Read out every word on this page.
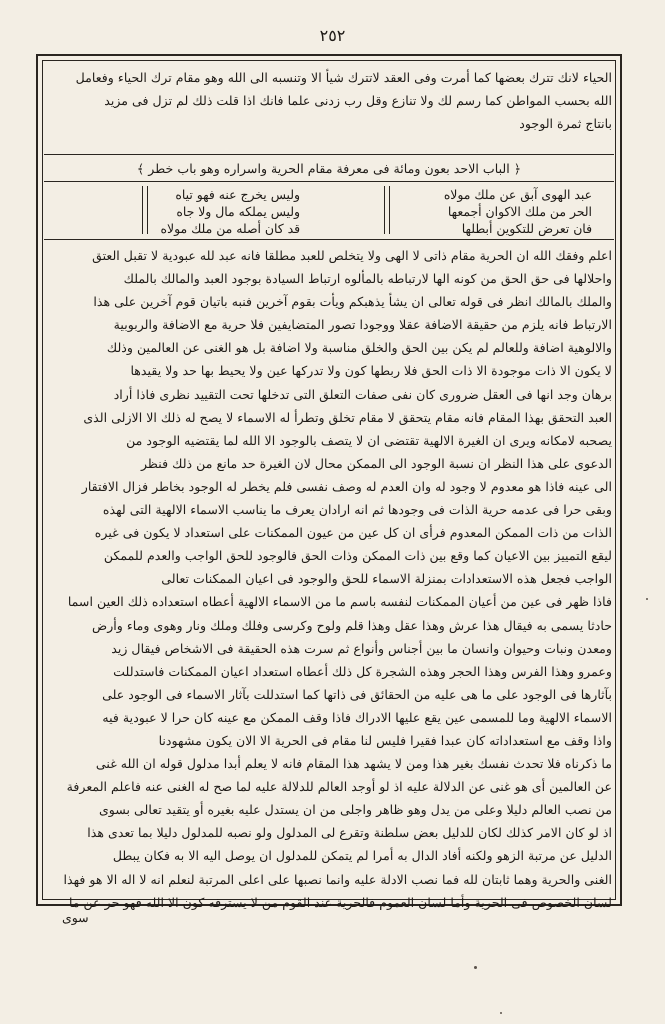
٢٥٢

الحياء لانك تترك بعضها كما أمرت وفى العقد لاتترك شيأ الا وتنسبه الى الله وهو مقام ترك الحياء وفعامل

الله بحسب المواطن كما رسم لك ولا تنازع وقل رب زدنى علما فانك اذا قلت ذلك لم تزل فى مزيد

بانتاج ثمرة الوجود

﴿ الباب الاحد بعون ومائة فى معرفة مقام الحرية واسراره وهو باب خطر ﴾
عبد الهوى آبق عن ملك مولاه
الحر من ملك الاكوان أجمعها
فان تعرض للتكوين أبطلها
وليس يخرج عنه فهو تياه
وليس يملكه مال ولا جاه
قد كان أصله من ملك مولاه

اعلم وفقك الله ان الحرية مقام ذاتى لا الهى ولا يتخلص للعبد مطلقا فانه عبد لله عبودية لا تقبل العتق

واحلالها فى حق الحق من كونه الها لارتباطه بالمألوه ارتباط السيادة بوجود العبد والمالك بالملك

والملك بالمالك انظر فى قوله تعالى ان يشأ يذهبكم ويأت بقوم آخرين فنبه باتيان قوم آخرين على هذا

الارتباط فانه يلزم من حقيقة الاضافة عقلا ووجودا تصور المتضايفين فلا حرية مع الاضافة والربوبية

والالوهية اضافة وللعالم لم يكن بين الحق والخلق مناسبة ولا اضافة بل هو الغنى عن العالمين وذلك

لا يكون الا ذات موجودة الا ذات الحق فلا ربطها كون ولا تدركها عين ولا يحيط بها حد ولا يقيدها

برهان وجد انها فى العقل ضرورى كان نفى صفات التعلق التى تدخلها تحت التقييد نظرى فاذا أراد

العبد التحقق بهذا المقام فانه مقام يتحقق لا مقام تخلق وتطرأ له الاسماء لا يصح له ذلك الا الازلى الذى

يصحبه لامكانه ويرى ان الغيرة الالهية تقتضى ان لا يتصف بالوجود الا الله لما يقتضيه الوجود من

الدعوى على هذا النظر ان نسبة الوجود الى الممكن محال لان الغيرة حد مانع من ذلك فنظر

الى عينه فاذا هو معدوم لا وجود له وان العدم له وصف نفسى فلم يخطر له الوجود بخاطر فزال الافتقار

وبقى حرا فى عدمه حرية الذات فى وجودها ثم انه ارادان يعرف ما يناسب الاسماء الالهية التى لهذه

الذات من ذات الممكن المعدوم فرأى ان كل عين من عيون الممكنات على استعداد لا يكون فى غيره

ليقع التمييز بين الاعيان كما وقع بين ذات الممكن وذات الحق فالوجود للحق الواجب والعدم للممكن

الواجب فجعل هذه الاستعدادات بمنزلة الاسماء للحق والوجود فى اعيان الممكنات تعالى

فاذا ظهر فى عين من أعيان الممكنات لنفسه باسم ما من الاسماء الالهية أعطاه استعداده ذلك العين اسما

حادثا يسمى به فيقال هذا عرش وهذا عقل وهذا قلم ولوح وكرسى وفلك وملك ونار وهوى وماء وأرض

ومعدن ونبات وحيوان وانسان ما بين أجناس وأنواع ثم سرت هذه الحقيقة فى الاشخاص فيقال زيد

وعمرو وهذا الفرس وهذا الحجر وهذه الشجرة كل ذلك أعطاه استعداد اعيان الممكنات فاستدللت

بآثارها فى الوجود على ما هى عليه من الحقائق فى ذاتها كما استدللت بآثار الاسماء فى الوجود على

الاسماء الالهية وما للمسمى عين يقع عليها الادراك فاذا وقف الممكن مع عينه كان حرا لا عبودية فيه

واذا وقف مع استعداداته كان عبدا فقيرا فليس لنا مقام فى الحرية الا الان يكون مشهودنا

ما ذكرناه فلا تحدث نفسك بغير هذا ومن لا يشهد هذا المقام فانه لا يعلم أبدا مدلول قوله ان الله غنى

عن العالمين أى هو غنى عن الدلالة عليه اذ لو أوجد العالم للدلالة عليه لما صح له الغنى عنه فاعلم المعرفة

من نصب العالم دليلا وعلى من يدل وهو ظاهر واجلى من ان يستدل عليه بغيره أو يتقيد تعالى بسوى

اذ لو كان الامر كذلك لكان للدليل بعض سلطنة وتقرع لى المدلول ولو نصبه للمدلول دليلا بما تعدى هذا

الدليل عن مرتبة الزهو ولكنه أفاد الدال به أمرا لم يتمكن للمدلول ان يوصل اليه الا به فكان يبطل

الغنى والحرية وهما ثابتان لله فما نصب الادلة عليه وانما نصبها على اعلى المرتبة لنعلم انه لا اله الا هو فهذا

لسان الخصوص فى الحرية وأما لسان العموم فالحرية عند القوم من لا يسترقه كون الا الله فهو حر عن ما

سوى
